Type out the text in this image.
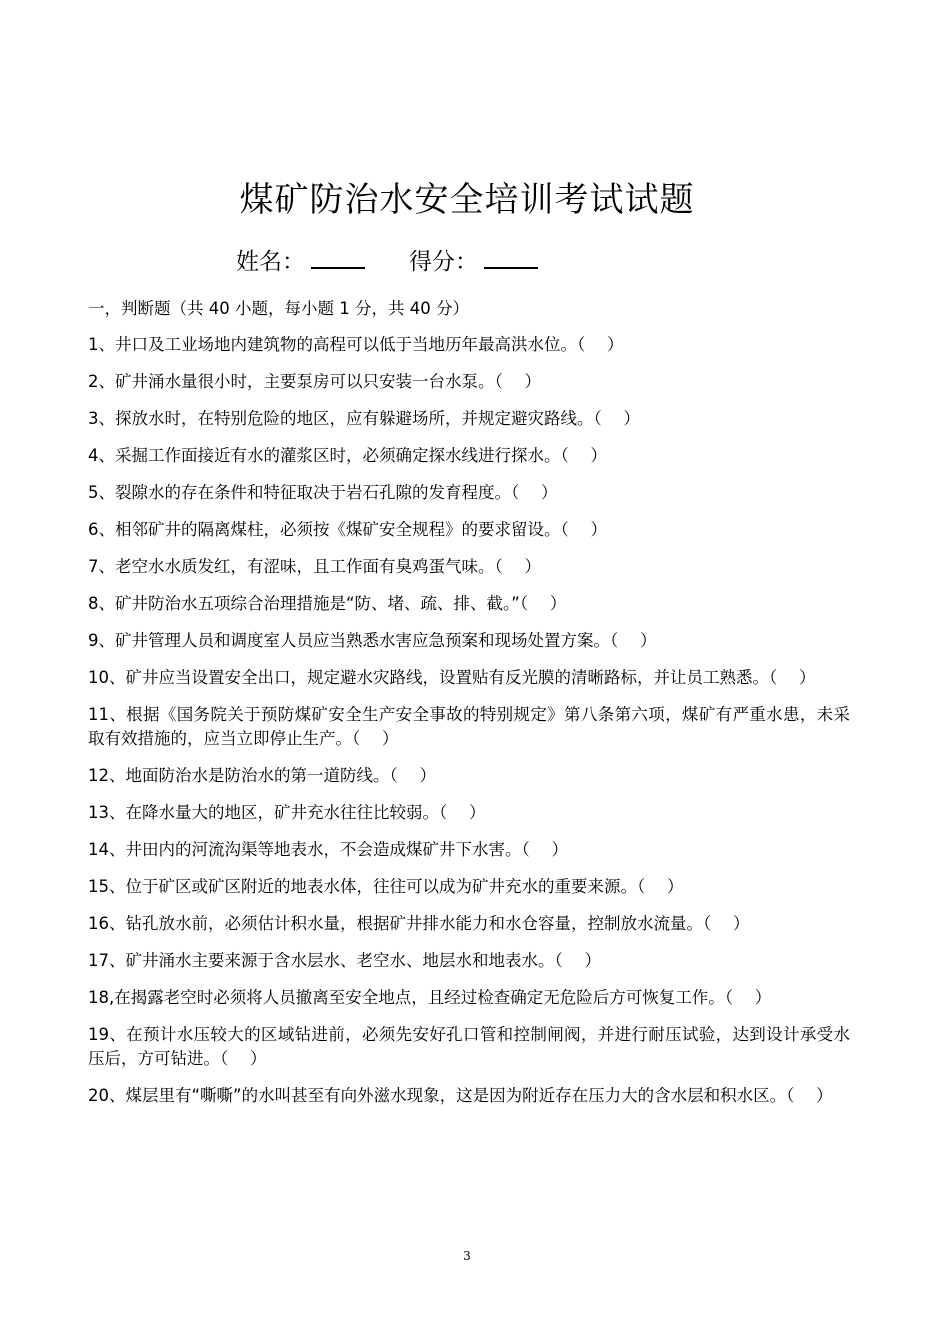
煤矿防治水安全培训考试试题
姓名：	得分：
一，判断题（共 40 小题，每小题 1 分，共 40 分）
1、井口及工业场地内建筑物的高程可以低于当地历年最高洪水位。（　 ）
2、矿井涌水量很小时，主要泵房可以只安装一台水泵。（　 ）
3、探放水时，在特别危险的地区，应有躲避场所，并规定避灾路线。（　 ）
4、采掘工作面接近有水的灌浆区时，必须确定探水线进行探水。（　 ）
5、裂隙水的存在条件和特征取决于岩石孔隙的发育程度。（　 ）
6、相邻矿井的隔离煤柱，必须按《煤矿安全规程》的要求留设。（　 ）
7、老空水水质发红，有涩味，且工作面有臭鸡蛋气味。（　 ）
8、矿井防治水五项综合治理措施是“防、堵、疏、排、截。”（　 ）
9、矿井管理人员和调度室人员应当熟悉水害应急预案和现场处置方案。（　 ）
10、矿井应当设置安全出口，规定避水灾路线，设置贴有反光膜的清晰路标，并让员工熟悉。（　 ）
11、根据《国务院关于预防煤矿安全生产安全事故的特别规定》第八条第六项，煤矿有严重水患，未采取有效措施的，应当立即停止生产。（　 ）
12、地面防治水是防治水的第一道防线。（　 ）
13、在降水量大的地区，矿井充水往往比较弱。（　 ）
14、井田内的河流沟渠等地表水，不会造成煤矿井下水害。（　 ）
15、位于矿区或矿区附近的地表水体，往往可以成为矿井充水的重要来源。（　 ）
16、钻孔放水前，必须估计积水量，根据矿井排水能力和水仓容量，控制放水流量。（　 ）
17、矿井涌水主要来源于含水层水、老空水、地层水和地表水。（　 ）
18,在揭露老空时必须将人员撤离至安全地点，且经过检查确定无危险后方可恢复工作。（　 ）
19、在预计水压较大的区域钻进前，必须先安好孔口管和控制闸阀，并进行耐压试验，达到设计承受水压后，方可钻进。（　 ）
20、煤层里有“嘶嘶”的水叫甚至有向外滋水现象，这是因为附近存在压力大的含水层和积水区。（　 ）
3
